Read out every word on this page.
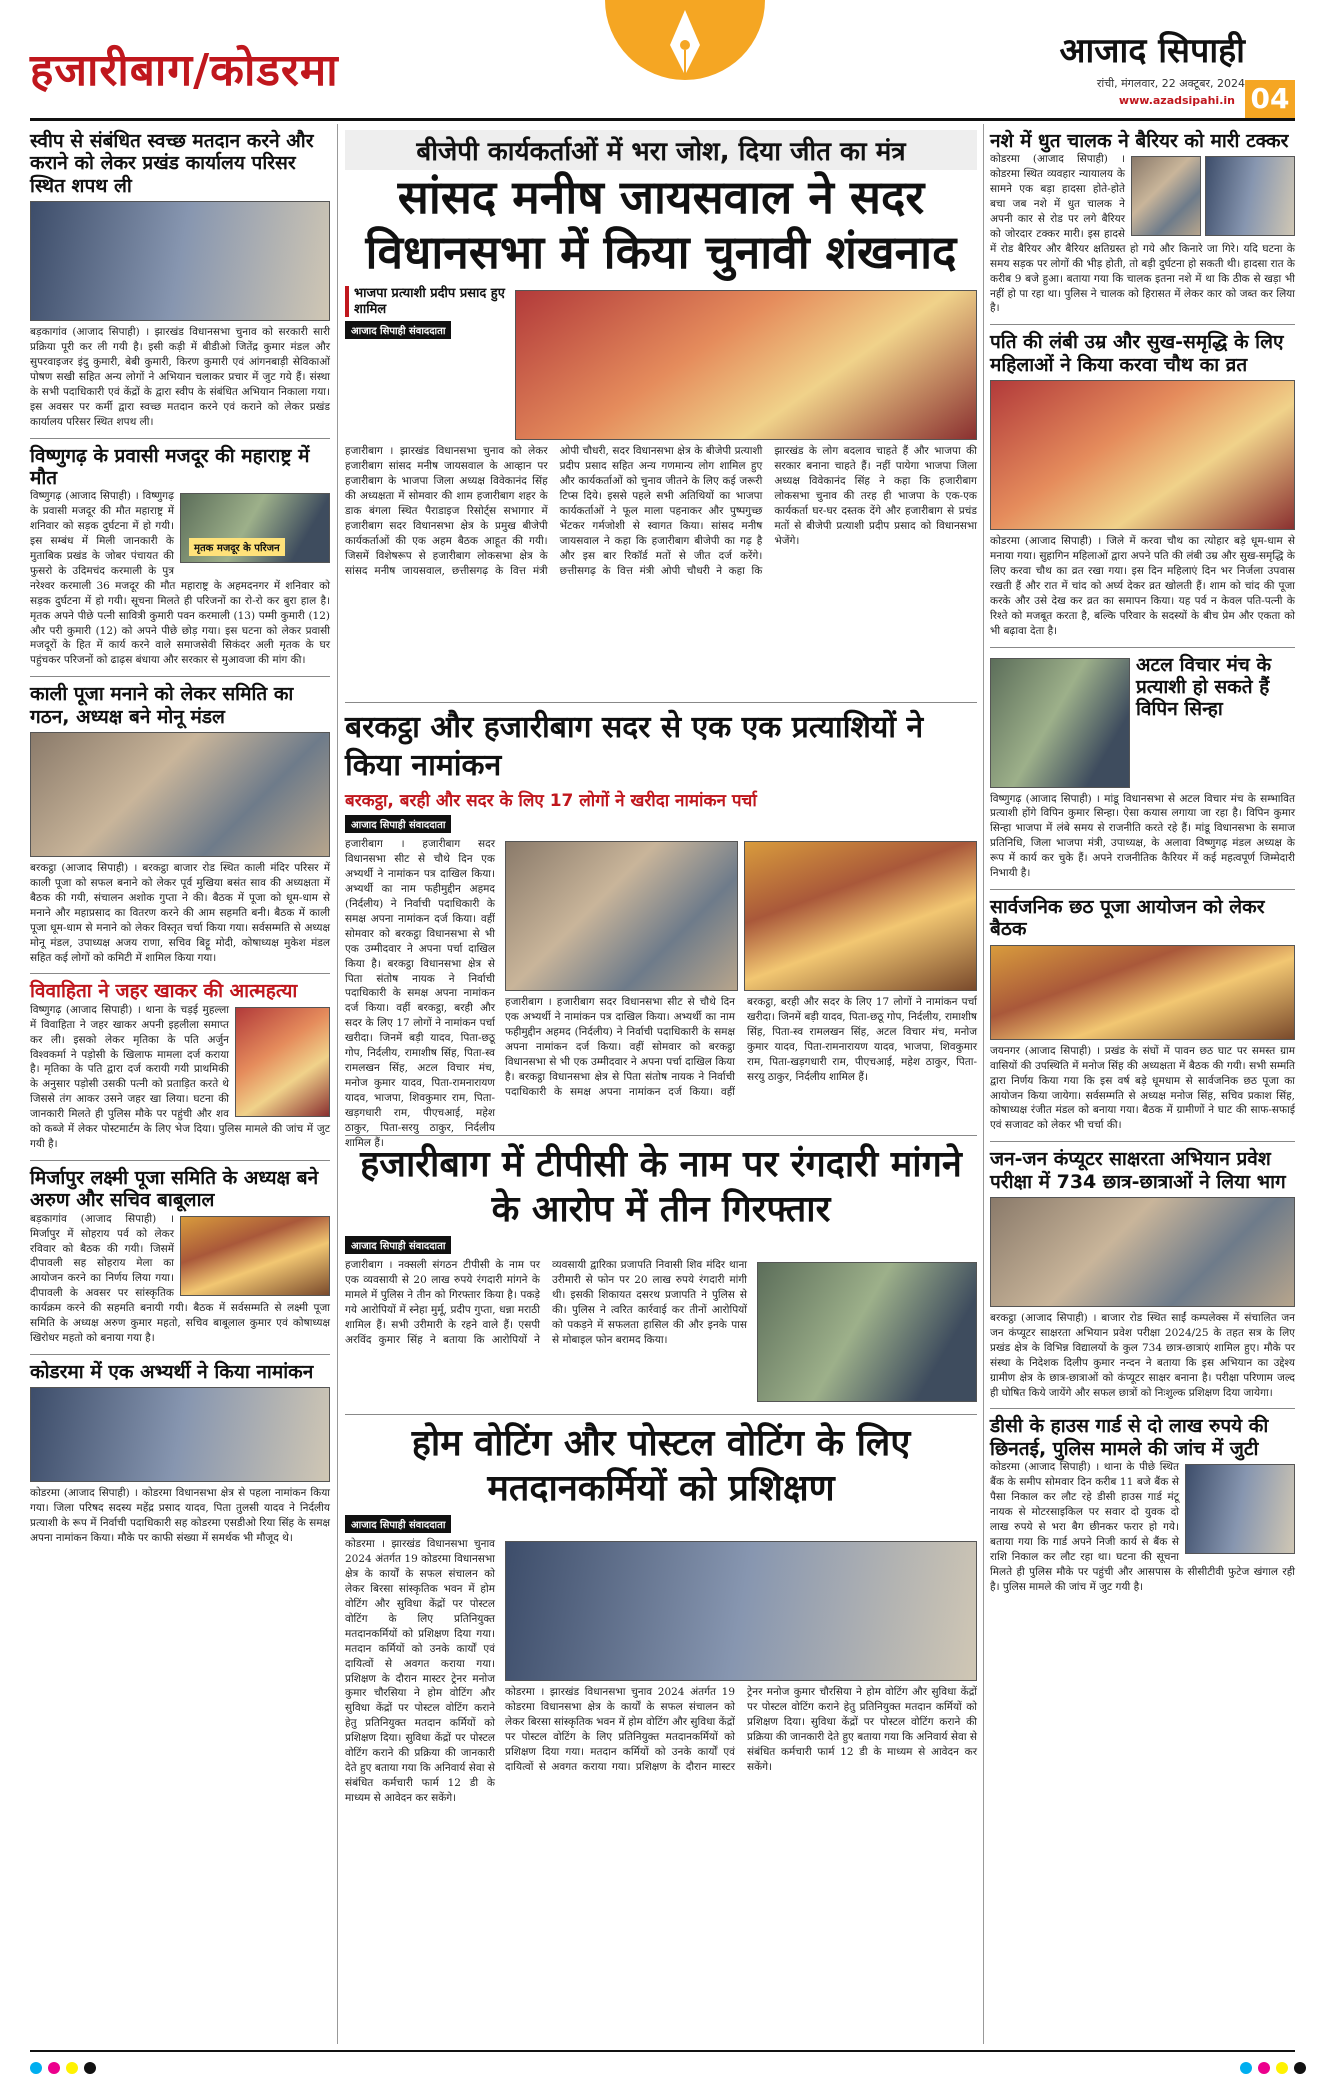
हजारीबाग/कोडरमा	आजाद सिपाही
रांची, मंगलवार, 22 अक्टूबर, 2024
www.azadsipahi.in 04
स्वीप से संबंधित स्वच्छ मतदान करने और कराने को लेकर प्रखंड कार्यालय परिसर स्थित शपथ ली
बड़कागांव (आजाद सिपाही) । झारखंड विधानसभा चुनाव को सरकारी सारी प्रक्रिया पूरी कर ली गयी है। इसी कड़ी में बीडीओ जितेंद्र कुमार मंडल और सुपरवाइजर इंदु कुमारी, बेबी कुमारी, किरण कुमारी एवं आंगनबाड़ी सेविकाओं पोषण सखी सहित अन्य लोगों ने अभियान चलाकर प्रचार में जुट गये हैं। संस्था के सभी पदाधिकारी एवं केंद्रों के द्वारा स्वीप के संबंधित अभियान निकाला गया। इस अवसर पर कर्मी द्वारा स्वच्छ मतदान करने एवं कराने को लेकर प्रखंड कार्यालय परिसर स्थित शपथ ली।
विष्णुगढ़ के प्रवासी मजदूर की महाराष्ट्र में मौत
मृतक मजदूर के परिजन
विष्णुगढ़ (आजाद सिपाही) । विष्णुगढ़ के प्रवासी मजदूर की मौत महाराष्ट्र में शनिवार को सड़क दुर्घटना में हो गयी। इस सम्बंध में मिली जानकारी के मुताबिक प्रखंड के जोबर पंचायत की फुसरो के उदिमचंद करमाली के पुत्र नरेश्वर करमाली 36 मजदूर की मौत महाराष्ट्र के अहमदनगर में शनिवार को सड़क दुर्घटना में हो गयी। सूचना मिलते ही परिजनों का रो-रो कर बुरा हाल है। मृतक अपने पीछे पत्नी सावित्री कुमारी पवन करमाली (13) पम्मी कुमारी (12) और परी कुमारी (12) को अपने पीछे छोड़ गया। इस घटना को लेकर प्रवासी मजदूरों के हित में कार्य करने वाले समाजसेवी सिकंदर अली मृतक के घर पहुंचकर परिजनों को ढाढ़स बंधाया और सरकार से मुआवजा की मांग की।
काली पूजा मनाने को लेकर समिति का गठन, अध्यक्ष बने मोनू मंडल
बरकट्ठा (आजाद सिपाही) । बरकट्ठा बाजार रोड स्थित काली मंदिर परिसर में काली पूजा को सफल बनाने को लेकर पूर्व मुखिया बसंत साव की अध्यक्षता में बैठक की गयी, संचालन अशोक गुप्ता ने की। बैठक में पूजा को धूम-धाम से मनाने और महाप्रसाद का वितरण करने की आम सहमति बनी। बैठक में काली पूजा धूम-धाम से मनाने को लेकर विस्तृत चर्चा किया गया। सर्वसम्मति से अध्यक्ष मोनू मंडल, उपाध्यक्ष अजय राणा, सचिव बिट्टू मोदी, कोषाध्यक्ष मुकेश मंडल सहित कई लोगों को कमिटी में शामिल किया गया।
विवाहिता ने जहर खाकर की आत्महत्या
विष्णुगढ़ (आजाद सिपाही) । थाना के चड़ई मुहल्ला में विवाहिता ने जहर खाकर अपनी इहलीला समाप्त कर ली। इसको लेकर मृतिका के पति अर्जुन विश्वकर्मा ने पड़ोसी के खिलाफ मामला दर्ज कराया है। मृतिका के पति द्वारा दर्ज करायी गयी प्राथमिकी के अनुसार पड़ोसी उसकी पत्नी को प्रताड़ित करते थे जिससे तंग आकर उसने जहर खा लिया। घटना की जानकारी मिलते ही पुलिस मौके पर पहुंची और शव को कब्जे में लेकर पोस्टमार्टम के लिए भेज दिया। पुलिस मामले की जांच में जुट गयी है।
मिर्जापुर लक्ष्मी पूजा समिति के अध्यक्ष बने अरुण और सचिव बाबूलाल
बड़कागांव (आजाद सिपाही) । मिर्जापुर में सोहराय पर्व को लेकर रविवार को बैठक की गयी। जिसमें दीपावली सह सोहराय मेला का आयोजन करने का निर्णय लिया गया। दीपावली के अवसर पर सांस्कृतिक कार्यक्रम करने की सहमति बनायी गयी। बैठक में सर्वसम्मति से लक्ष्मी पूजा समिति के अध्यक्ष अरुण कुमार महतो, सचिव बाबूलाल कुमार एवं कोषाध्यक्ष खिरोधर महतो को बनाया गया है।
कोडरमा में एक अभ्यर्थी ने किया नामांकन
कोडरमा (आजाद सिपाही) । कोडरमा विधानसभा क्षेत्र से पहला नामांकन किया गया। जिला परिषद सदस्य महेंद्र प्रसाद यादव, पिता तुलसी यादव ने निर्दलीय प्रत्याशी के रूप में निर्वाची पदाधिकारी सह कोडरमा एसडीओ रिया सिंह के समक्ष अपना नामांकन किया। मौके पर काफी संख्या में समर्थक भी मौजूद थे।
बीजेपी कार्यकर्ताओं में भरा जोश, दिया जीत का मंत्र
सांसद मनीष जायसवाल ने सदर विधानसभा में किया चुनावी शंखनाद
भाजपा प्रत्याशी प्रदीप प्रसाद हुए शामिल
आजाद सिपाही संवाददाता
हजारीबाग । झारखंड विधानसभा चुनाव को लेकर हजारीबाग सांसद मनीष जायसवाल के आव्हान पर हजारीबाग के भाजपा जिला अध्यक्ष विवेकानंद सिंह की अध्यक्षता में सोमवार की शाम हजारीबाग शहर के डाक बंगला स्थित पैराडाइज रिसोर्ट्स सभागार में हजारीबाग सदर विधानसभा क्षेत्र के प्रमुख बीजेपी कार्यकर्ताओं की एक अहम बैठक आहूत की गयी। जिसमें विशेषरूप से हजारीबाग लोकसभा क्षेत्र के सांसद मनीष जायसवाल, छत्तीसगढ़ के वित्त मंत्री ओपी चौधरी, सदर विधानसभा क्षेत्र के बीजेपी प्रत्याशी प्रदीप प्रसाद सहित अन्य गणमान्य लोग शामिल हुए और कार्यकर्ताओं को चुनाव जीतने के लिए कई जरूरी टिप्स दिये। इससे पहले सभी अतिथियों का भाजपा कार्यकर्ताओं ने फूल माला पहनाकर और पुष्पगुच्छ भेंटकर गर्मजोशी से स्वागत किया। सांसद मनीष जायसवाल ने कहा कि हजारीबाग बीजेपी का गढ़ है और इस बार रिकॉर्ड मतों से जीत दर्ज करेंगे। छत्तीसगढ़ के वित्त मंत्री ओपी चौधरी ने कहा कि झारखंड के लोग बदलाव चाहते हैं और भाजपा की सरकार बनाना चाहते हैं। नहीं पायेगा भाजपा जिला अध्यक्ष विवेकानंद सिंह ने कहा कि हजारीबाग लोकसभा चुनाव की तरह ही भाजपा के एक-एक कार्यकर्ता घर-घर दस्तक देंगे और हजारीबाग से प्रचंड मतों से बीजेपी प्रत्याशी प्रदीप प्रसाद को विधानसभा भेजेंगे।
बरकट्ठा और हजारीबाग सदर से एक एक प्रत्याशियों ने किया नामांकन
बरकट्ठा, बरही और सदर के लिए 17 लोगों ने खरीदा नामांकन पर्चा
आजाद सिपाही संवाददाता
हजारीबाग । हजारीबाग सदर विधानसभा सीट से चौथे दिन एक अभ्यर्थी ने नामांकन पत्र दाखिल किया। अभ्यर्थी का नाम फहीमुद्दीन अहमद (निर्दलीय) ने निर्वाची पदाधिकारी के समक्ष अपना नामांकन दर्ज किया। वहीं सोमवार को बरकट्ठा विधानसभा से भी एक उम्मीदवार ने अपना पर्चा दाखिल किया है। बरकट्ठा विधानसभा क्षेत्र से पिता संतोष नायक ने निर्वाची पदाधिकारी के समक्ष अपना नामांकन दर्ज किया। वहीं बरकट्ठा, बरही और सदर के लिए 17 लोगों ने नामांकन पर्चा खरीदा। जिनमें बड़ी यादव, पिता-छठू गोप, निर्दलीय, रामाशीष सिंह, पिता-स्व रामलखन सिंह, अटल विचार मंच, मनोज कुमार यादव, पिता-रामनारायण यादव, भाजपा, शिवकुमार राम, पिता-खड़गधारी राम, पीएचआई, महेश ठाकुर, पिता-सरयु ठाकुर, निर्दलीय शामिल हैं।
हजारीबाग । हजारीबाग सदर विधानसभा सीट से चौथे दिन एक अभ्यर्थी ने नामांकन पत्र दाखिल किया। अभ्यर्थी का नाम फहीमुद्दीन अहमद (निर्दलीय) ने निर्वाची पदाधिकारी के समक्ष अपना नामांकन दर्ज किया। वहीं सोमवार को बरकट्ठा विधानसभा से भी एक उम्मीदवार ने अपना पर्चा दाखिल किया है। बरकट्ठा विधानसभा क्षेत्र से पिता संतोष नायक ने निर्वाची पदाधिकारी के समक्ष अपना नामांकन दर्ज किया। वहीं बरकट्ठा, बरही और सदर के लिए 17 लोगों ने नामांकन पर्चा खरीदा। जिनमें बड़ी यादव, पिता-छठू गोप, निर्दलीय, रामाशीष सिंह, पिता-स्व रामलखन सिंह, अटल विचार मंच, मनोज कुमार यादव, पिता-रामनारायण यादव, भाजपा, शिवकुमार राम, पिता-खड़गधारी राम, पीएचआई, महेश ठाकुर, पिता-सरयु ठाकुर, निर्दलीय शामिल हैं।
हजारीबाग में टीपीसी के नाम पर रंगदारी मांगने के आरोप में तीन गिरफ्तार
आजाद सिपाही संवाददाता
हजारीबाग । नक्सली संगठन टीपीसी के नाम पर एक व्यवसायी से 20 लाख रुपये रंगदारी मांगने के मामले में पुलिस ने तीन को गिरफ्तार किया है। पकड़े गये आरोपियों में स्नेहा मुर्मू, प्रदीप गुप्ता, धन्ना मराठी शामिल हैं। सभी उरीमारी के रहने वाले हैं। एसपी अरविंद कुमार सिंह ने बताया कि आरोपियों ने व्यवसायी द्वारिका प्रजापति निवासी शिव मंदिर थाना उरीमारी से फोन पर 20 लाख रुपये रंगदारी मांगी थी। इसकी शिकायत दसरथ प्रजापति ने पुलिस से की। पुलिस ने त्वरित कार्रवाई कर तीनों आरोपियों को पकड़ने में सफलता हासिल की और इनके पास से मोबाइल फोन बरामद किया।
होम वोटिंग और पोस्टल वोटिंग के लिए मतदानकर्मियों को प्रशिक्षण
आजाद सिपाही संवाददाता
कोडरमा । झारखंड विधानसभा चुनाव 2024 अंतर्गत 19 कोडरमा विधानसभा क्षेत्र के कार्यों के सफल संचालन को लेकर बिरसा सांस्कृतिक भवन में होम वोटिंग और सुविधा केंद्रों पर पोस्टल वोटिंग के लिए प्रतिनियुक्त मतदानकर्मियों को प्रशिक्षण दिया गया। मतदान कर्मियों को उनके कार्यों एवं दायित्वों से अवगत कराया गया। प्रशिक्षण के दौरान मास्टर ट्रेनर मनोज कुमार चौरसिया ने होम वोटिंग और सुविधा केंद्रों पर पोस्टल वोटिंग कराने हेतु प्रतिनियुक्त मतदान कर्मियों को प्रशिक्षण दिया। सुविधा केंद्रों पर पोस्टल वोटिंग कराने की प्रक्रिया की जानकारी देते हुए बताया गया कि अनिवार्य सेवा से संबंधित कर्मचारी फार्म 12 डी के माध्यम से आवेदन कर सकेंगे।
कोडरमा । झारखंड विधानसभा चुनाव 2024 अंतर्गत 19 कोडरमा विधानसभा क्षेत्र के कार्यों के सफल संचालन को लेकर बिरसा सांस्कृतिक भवन में होम वोटिंग और सुविधा केंद्रों पर पोस्टल वोटिंग के लिए प्रतिनियुक्त मतदानकर्मियों को प्रशिक्षण दिया गया। मतदान कर्मियों को उनके कार्यों एवं दायित्वों से अवगत कराया गया। प्रशिक्षण के दौरान मास्टर ट्रेनर मनोज कुमार चौरसिया ने होम वोटिंग और सुविधा केंद्रों पर पोस्टल वोटिंग कराने हेतु प्रतिनियुक्त मतदान कर्मियों को प्रशिक्षण दिया। सुविधा केंद्रों पर पोस्टल वोटिंग कराने की प्रक्रिया की जानकारी देते हुए बताया गया कि अनिवार्य सेवा से संबंधित कर्मचारी फार्म 12 डी के माध्यम से आवेदन कर सकेंगे।
नशे में धुत चालक ने बैरियर को मारी टक्कर
कोडरमा (आजाद सिपाही) । कोडरमा स्थित व्यवहार न्यायालय के सामने एक बड़ा हादसा होते-होते बचा जब नशे में धुत चालक ने अपनी कार से रोड पर लगे बैरियर को जोरदार टक्कर मारी। इस हादसे में रोड बैरियर और बैरियर क्षतिग्रस्त हो गये और किनारे जा गिरे। यदि घटना के समय सड़क पर लोगों की भीड़ होती, तो बड़ी दुर्घटना हो सकती थी। हादसा रात के करीब 9 बजे हुआ। बताया गया कि चालक इतना नशे में था कि ठीक से खड़ा भी नहीं हो पा रहा था। पुलिस ने चालक को हिरासत में लेकर कार को जब्त कर लिया है।
पति की लंबी उम्र और सुख-समृद्धि के लिए महिलाओं ने किया करवा चौथ का व्रत
कोडरमा (आजाद सिपाही) । जिले में करवा चौथ का त्योहार बड़े धूम-धाम से मनाया गया। सुहागिन महिलाओं द्वारा अपने पति की लंबी उम्र और सुख-समृद्धि के लिए करवा चौथ का व्रत रखा गया। इस दिन महिलाएं दिन भर निर्जला उपवास रखती हैं और रात में चांद को अर्घ्य देकर व्रत खोलती हैं। शाम को चांद की पूजा करके और उसे देख कर व्रत का समापन किया। यह पर्व न केवल पति-पत्नी के रिश्ते को मजबूत करता है, बल्कि परिवार के सदस्यों के बीच प्रेम और एकता को भी बढ़ावा देता है।
अटल विचार मंच के प्रत्याशी हो सकते हैं विपिन सिन्हा
विष्णुगढ़ (आजाद सिपाही) । मांडू विधानसभा से अटल विचार मंच के सम्भावित प्रत्याशी होंगे विपिन कुमार सिन्हा। ऐसा कयास लगाया जा रहा है। विपिन कुमार सिन्हा भाजपा में लंबे समय से राजनीति करते रहे हैं। मांडू विधानसभा के समाज प्रतिनिधि, जिला भाजपा मंत्री, उपाध्यक्ष, के अलावा विष्णुगढ़ मंडल अध्यक्ष के रूप में कार्य कर चुके हैं। अपने राजनीतिक कैरियर में कई महत्वपूर्ण जिम्मेदारी निभायी है।
सार्वजनिक छठ पूजा आयोजन को लेकर बैठक
जयनगर (आजाद सिपाही) । प्रखंड के संघों में पावन छठ घाट पर समस्त ग्राम वासियों की उपस्थिति में मनोज सिंह की अध्यक्षता में बैठक की गयी। सभी सम्मति द्वारा निर्णय किया गया कि इस वर्ष बड़े धूमधाम से सार्वजनिक छठ पूजा का आयोजन किया जायेगा। सर्वसम्मति से अध्यक्ष मनोज सिंह, सचिव प्रकाश सिंह, कोषाध्यक्ष रंजीत मंडल को बनाया गया। बैठक में ग्रामीणों ने घाट की साफ-सफाई एवं सजावट को लेकर भी चर्चा की।
जन-जन कंप्यूटर साक्षरता अभियान प्रवेश परीक्षा में 734 छात्र-छात्राओं ने लिया भाग
बरकट्ठा (आजाद सिपाही) । बाजार रोड स्थित साईं कम्पलेक्स में संचालित जन जन कंप्यूटर साक्षरता अभियान प्रवेश परीक्षा 2024/25 के तहत सत्र के लिए प्रखंड क्षेत्र के विभिन्न विद्यालयों के कुल 734 छात्र-छात्राएं शामिल हुए। मौके पर संस्था के निदेशक दिलीप कुमार नन्दन ने बताया कि इस अभियान का उद्देश्य ग्रामीण क्षेत्र के छात्र-छात्राओं को कंप्यूटर साक्षर बनाना है। परीक्षा परिणाम जल्द ही घोषित किये जायेंगे और सफल छात्रों को निःशुल्क प्रशिक्षण दिया जायेगा।
डीसी के हाउस गार्ड से दो लाख रुपये की छिनतई, पुलिस मामले की जांच में जुटी
कोडरमा (आजाद सिपाही) । थाना के पीछे स्थित बैंक के समीप सोमवार दिन करीब 11 बजे बैंक से पैसा निकाल कर लौट रहे डीसी हाउस गार्ड मंटू नायक से मोटरसाइकिल पर सवार दो युवक दो लाख रुपये से भरा बैग छीनकर फरार हो गये। बताया गया कि गार्ड अपने निजी कार्य से बैंक से राशि निकाल कर लौट रहा था। घटना की सूचना मिलते ही पुलिस मौके पर पहुंची और आसपास के सीसीटीवी फुटेज खंगाल रही है। पुलिस मामले की जांच में जुट गयी है।
